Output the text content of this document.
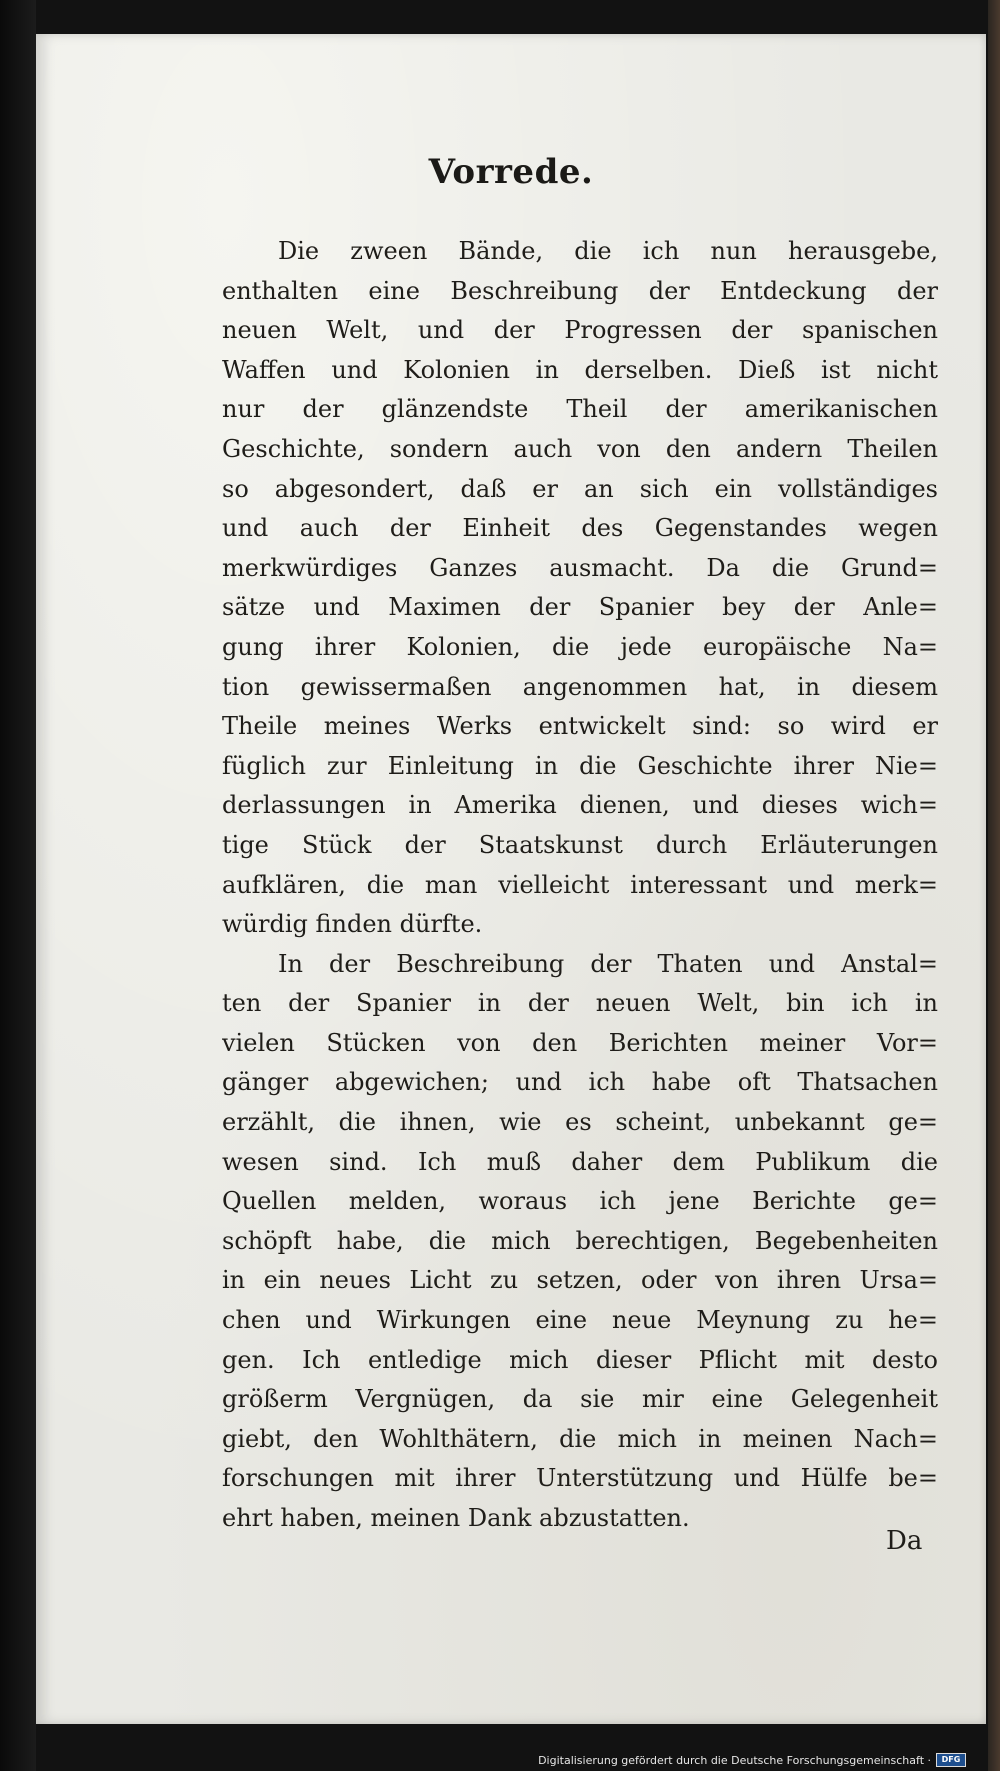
Vorrede.
Die zween Bände, die ich nun herausgebe,
enthalten eine Beschreibung der Entdeckung der
neuen Welt, und der Progressen der spanischen
Waffen und Kolonien in derselben. Dieß ist nicht
nur der glänzendste Theil der amerikanischen
Geschichte, sondern auch von den andern Theilen
so abgesondert, daß er an sich ein vollständiges
und auch der Einheit des Gegenstandes wegen
merkwürdiges Ganzes ausmacht. Da die Grund=
sätze und Maximen der Spanier bey der Anle=
gung ihrer Kolonien, die jede europäische Na=
tion gewissermaßen angenommen hat, in diesem
Theile meines Werks entwickelt sind: so wird er
füglich zur Einleitung in die Geschichte ihrer Nie=
derlassungen in Amerika dienen, und dieses wich=
tige Stück der Staatskunst durch Erläuterungen
aufklären, die man vielleicht interessant und merk=
würdig finden dürfte.
In der Beschreibung der Thaten und Anstal=
ten der Spanier in der neuen Welt, bin ich in
vielen Stücken von den Berichten meiner Vor=
gänger abgewichen; und ich habe oft Thatsachen
erzählt, die ihnen, wie es scheint, unbekannt ge=
wesen sind. Ich muß daher dem Publikum die
Quellen melden, woraus ich jene Berichte ge=
schöpft habe, die mich berechtigen, Begebenheiten
in ein neues Licht zu setzen, oder von ihren Ursa=
chen und Wirkungen eine neue Meynung zu he=
gen. Ich entledige mich dieser Pflicht mit desto
größerm Vergnügen, da sie mir eine Gelegenheit
giebt, den Wohlthätern, die mich in meinen Nach=
forschungen mit ihrer Unterstützung und Hülfe be=
ehrt haben, meinen Dank abzustatten.
Da
Digitalisierung gefördert durch die Deutsche Forschungsgemeinschaft ·	DFG
